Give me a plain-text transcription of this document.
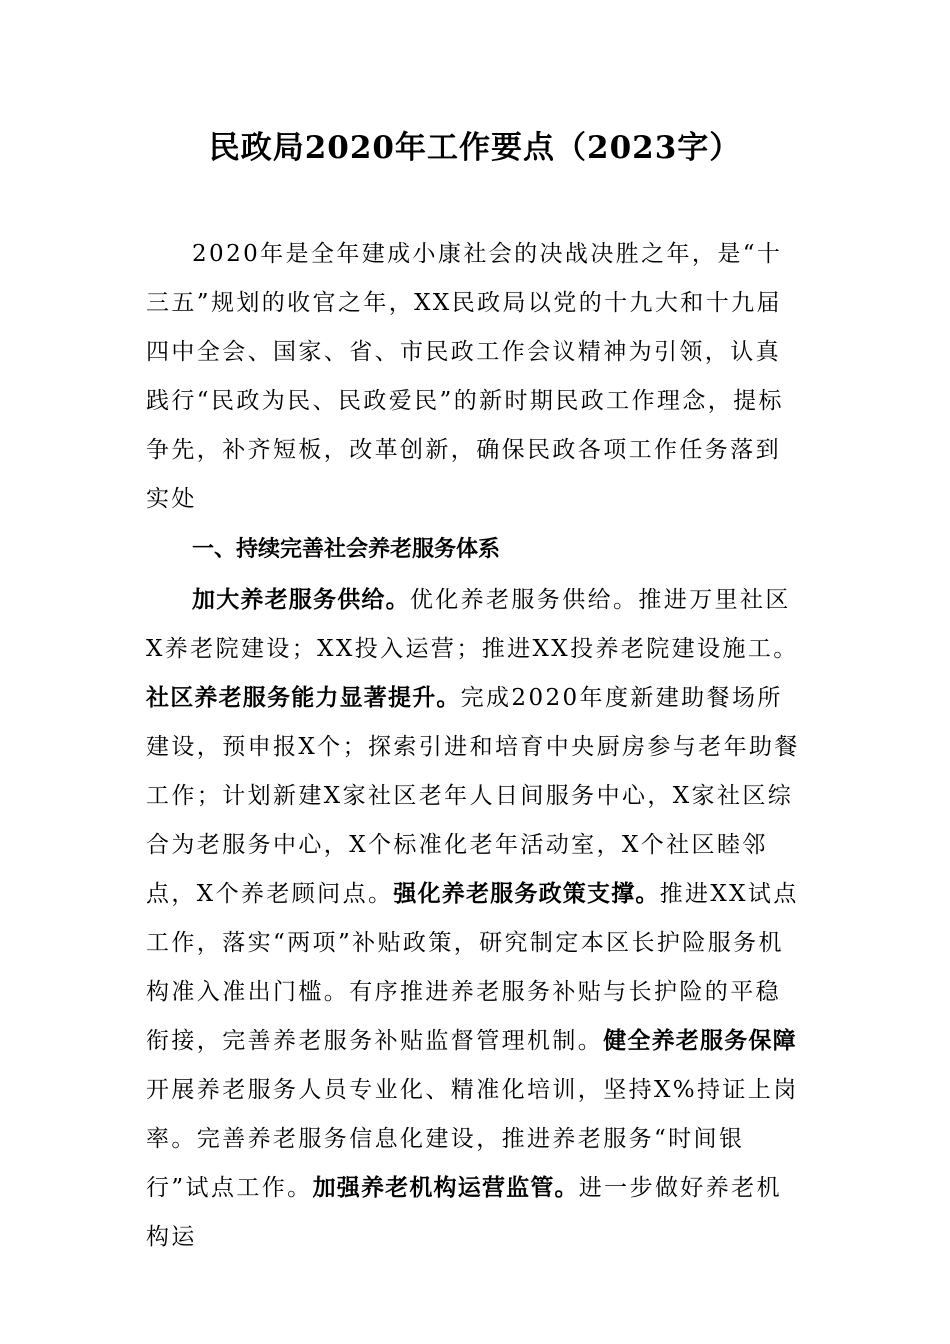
民政局2020年工作要点（2023字）

2020年是全年建成小康社会的决战决胜之年，是“十三五”规划的收官之年，XX民政局以党的十九大和十九届四中全会、国家、省、市民政工作会议精神为引领，认真践行“民政为民、民政爱民”的新时期民政工作理念，提标争先，补齐短板，改革创新，确保民政各项工作任务落到实处

一、持续完善社会养老服务体系

加大养老服务供给。优化养老服务供给。推进万里社区X养老院建设；XX投入运营；推进XX投养老院建设施工。社区养老服务能力显著提升。完成2020年度新建助餐场所建设，预申报X个；探索引进和培育中央厨房参与老年助餐工作；计划新建X家社区老年人日间服务中心，X家社区综合为老服务中心，X个标准化老年活动室，X个社区睦邻点，X个养老顾问点。强化养老服务政策支撑。推进XX试点工作，落实“两项”补贴政策，研究制定本区长护险服务机构准入准出门槛。有序推进养老服务补贴与长护险的平稳衔接，完善养老服务补贴监督管理机制。健全养老服务保障开展养老服务人员专业化、精准化培训，坚持X%持证上岗率。完善养老服务信息化建设，推进养老服务“时间银行”试点工作。加强养老机构运营监管。进一步做好养老机构运
